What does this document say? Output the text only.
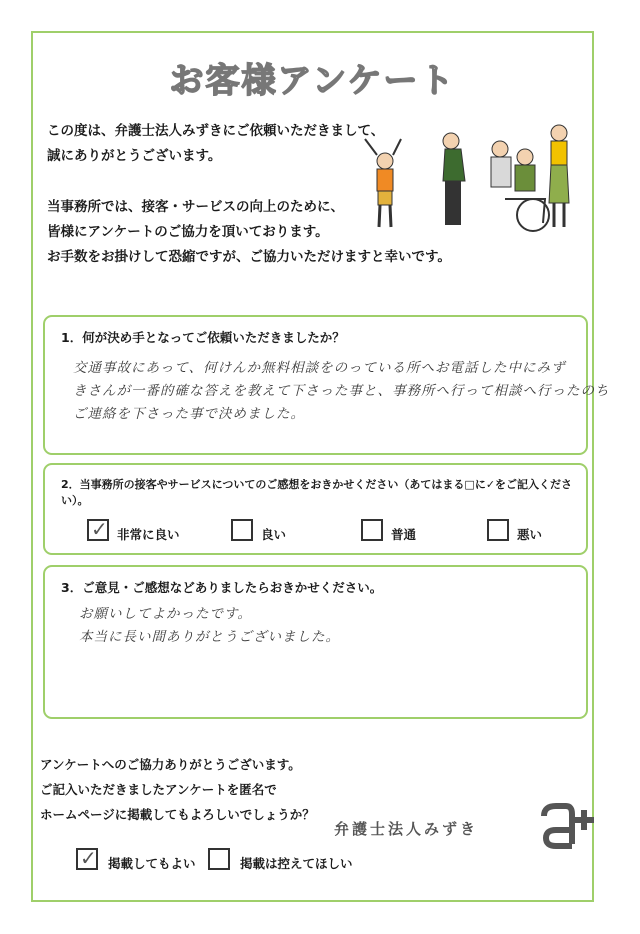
お客様アンケート
この度は、弁護士法人みずきにご依頼いただきまして、
誠にありがとうございます。
当事務所では、接客・サービスの向上のために、
皆様にアンケートのご協力を頂いております。
お手数をお掛けして恐縮ですが、ご協力いただけますと幸いです。
1．何が決め手となってご依頼いただきましたか？
交通事故にあって、何けんか無料相談をのっている所へお電話した中にみず
きさんが一番的確な答えを教えて下さった事と、事務所へ行って相談へ行ったのち
ご連絡を下さった事で決めました。
2．当事務所の接客やサービスについてのご感想をおきかせください（あてはまる□に✓をご記入ください）。
✓ 非常に良い	良い	普通	悪い
3．ご意見・ご感想などありましたらおきかせください。
お願いしてよかったです。
本当に長い間ありがとうございました。
アンケートへのご協力ありがとうございます。
ご記入いただきましたアンケートを匿名で
ホームページに掲載してもよろしいでしょうか？
弁護士法人みずき
✓ 掲載してもよい	掲載は控えてほしい
